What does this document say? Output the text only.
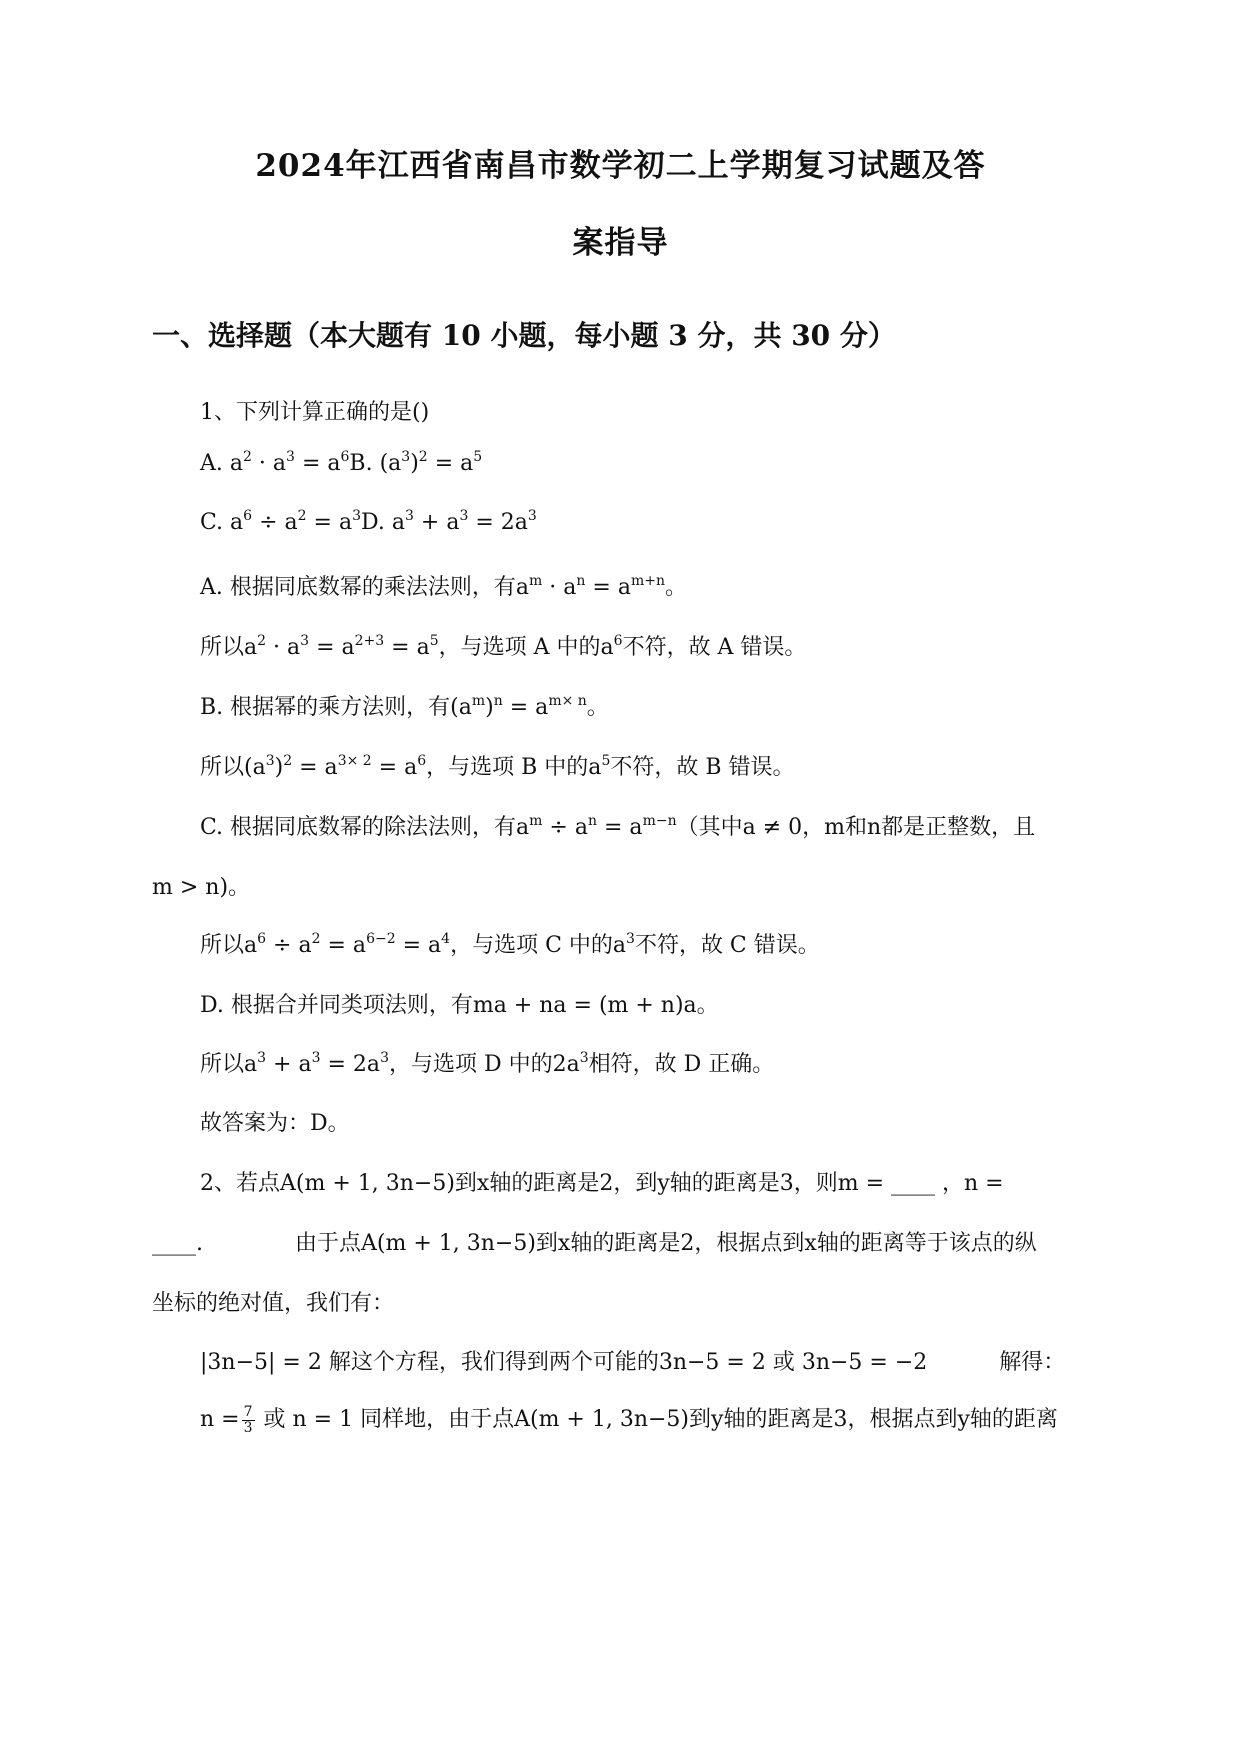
2024年江西省南昌市数学初二上学期复习试题及答
案指导
一、选择题（本大题有 10 小题，每小题 3 分，共 30 分）
1、下列计算正确的是()
A. $a^2 \cdot a^3 = a^6B$. $(a^3)^2 = a^5$
C. $a^6 \div a^2 = a^3D$. $a^3 + a^3 = 2a^3$
A. 根据同底数幂的乘法法则，有$a^m \cdot a^n = a^{m+n}$。
所以$a^2 \cdot a^3 = a^{2+3} = a^5$，与选项 A 中的$a^6$不符，故 A 错误。
B. 根据幂的乘方法则，有$(a^m)^n = a^{m\times n}$。
所以$(a^3)^2 = a^{3\times 2} = a^6$，与选项 B 中的$a^5$不符，故 B 错误。
C. 根据同底数幂的除法法则，有$a^m \div a^n = a^{m-n}$（其中a ≠ 0，m和n都是正整数，且
m > n)。
所以$a^6 \div a^2 = a^{6-2} = a^4$，与选项 C 中的$a^3$不符，故 C 错误。
D. 根据合并同类项法则，有ma + na = (m + n)a。
所以$a^3 + a^3 = 2a^3$，与选项 D 中的$2a^3$相符，故 D 正确。
故答案为：D。
2、若点A(m + 1, 3n−5)到x轴的距离是2，到y轴的距离是3，则m = ____ ，n =
____.	由于点A(m + 1, 3n−5)到x轴的距离是2，根据点到x轴的距离等于该点的纵
坐标的绝对值，我们有：
|3n−5| = 2 解这个方程，我们得到两个可能的3n−5 = 2 或 3n−5 = −2	解得：
$n = \frac{7}{3}$ 或 n = 1 同样地，由于点A(m + 1, 3n−5)到y轴的距离是3，根据点到y轴的距离
